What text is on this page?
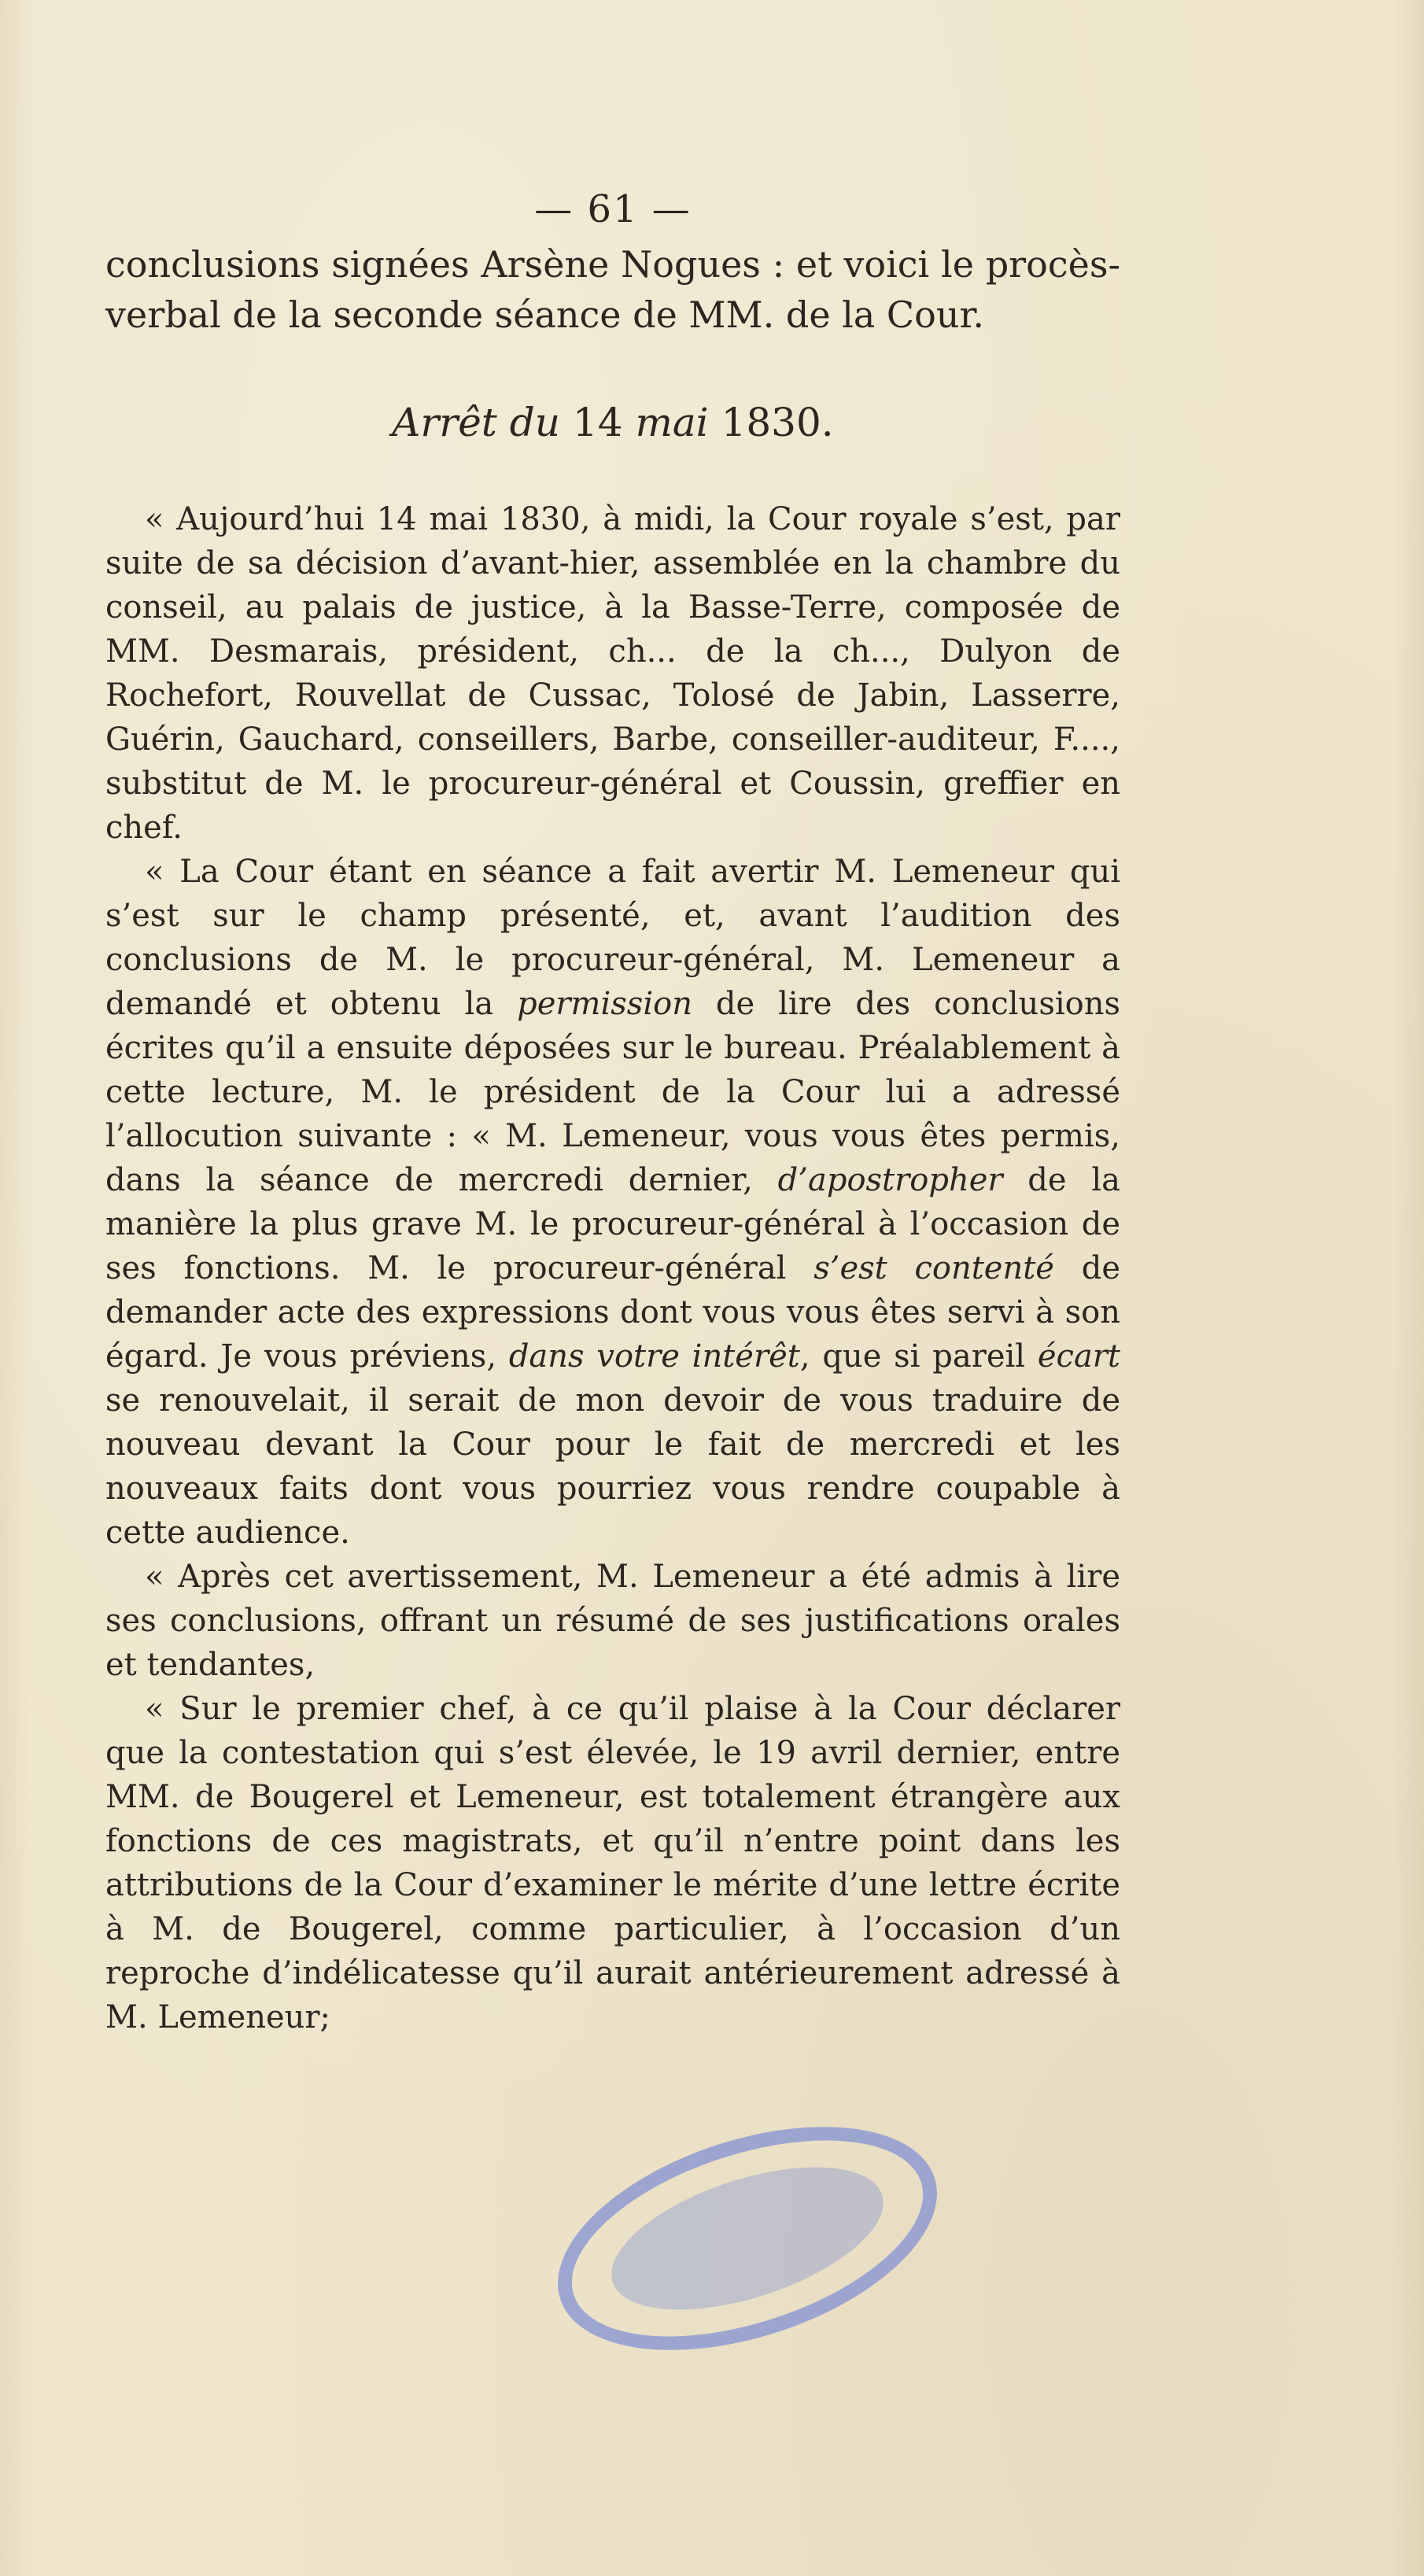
— 61 —

conclusions signées Arsène Nogues : et voici le procès-verbal de la seconde séance de MM. de la Cour.

Arrêt du 14 mai 1830.

« Aujourd’hui 14 mai 1830, à midi, la Cour royale s’est, par suite de sa décision d’avant-hier, assemblée en la chambre du conseil, au palais de justice, à la Basse-Terre, composée de MM. Desmarais, président, ch... de la ch..., Dulyon de Rochefort, Rouvellat de Cussac, Tolosé de Jabin, Lasserre, Guérin, Gauchard, conseillers, Barbe, conseiller-auditeur, F...., substitut de M. le procureur-général et Coussin, greffier en chef.

« La Cour étant en séance a fait avertir M. Lemeneur qui s’est sur le champ présenté, et, avant l’audition des conclusions de M. le procureur-général, M. Lemeneur a demandé et obtenu la permission de lire des conclusions écrites qu’il a ensuite déposées sur le bureau. Préalablement à cette lecture, M. le président de la Cour lui a adressé l’allocution suivante : « M. Lemeneur, vous vous êtes permis, dans la séance de mercredi dernier, d’apostropher de la manière la plus grave M. le procureur-général à l’occasion de ses fonctions. M. le procureur-général s’est contenté de demander acte des expressions dont vous vous êtes servi à son égard. Je vous préviens, dans votre intérêt, que si pareil écart se renouvelait, il serait de mon devoir de vous traduire de nouveau devant la Cour pour le fait de mercredi et les nouveaux faits dont vous pourriez vous rendre coupable à cette audience.

« Après cet avertissement, M. Lemeneur a été admis à lire ses conclusions, offrant un résumé de ses justifications orales et tendantes,

« Sur le premier chef, à ce qu’il plaise à la Cour déclarer que la contestation qui s’est élevée, le 19 avril dernier, entre MM. de Bougerel et Lemeneur, est totalement étrangère aux fonctions de ces magistrats, et qu’il n’entre point dans les attributions de la Cour d’examiner le mérite d’une lettre écrite à M. de Bougerel, comme particulier, à l’occasion d’un reproche d’indélicatesse qu’il aurait antérieurement adressé à M. Lemeneur;
